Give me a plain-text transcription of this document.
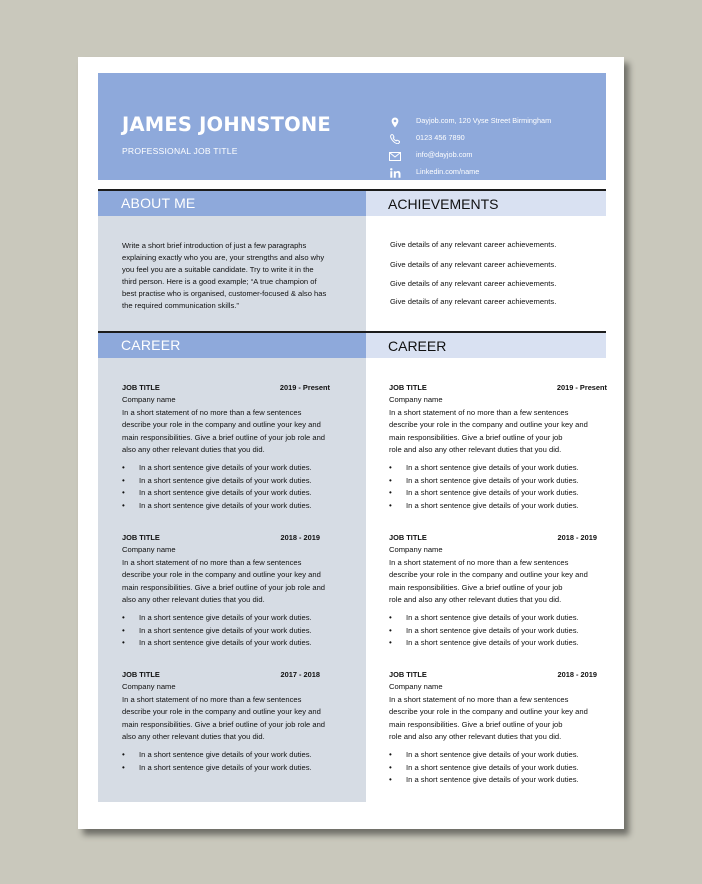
JAMES JOHNSTONE
PROFESSIONAL JOB TITLE
Dayjob.com, 120 Vyse Street Birmingham
0123 456 7890
info@dayjob.com
Linkedin.com/name
ABOUT ME	ACHIEVEMENTS
Write a short brief introduction of just a few paragraphs
explaining exactly who you are, your strengths and also why
you feel you are a suitable candidate. Try to write it in the
third person. Here is a good example; “A true champion of
best practise who is organised, customer-focused & also has
the required communication skills.”
Give details of any relevant career achievements.
Give details of any relevant career achievements.
Give details of any relevant career achievements.
Give details of any relevant career achievements.
CAREER	CAREER
JOB TITLE	2019 - Present
Company name
In a short statement of no more than a few sentences
describe your role in the company and outline your key and
main responsibilities. Give a brief outline of your job role and
also any other relevant duties that you did.
• In a short sentence give details of your work duties.
• In a short sentence give details of your work duties.
• In a short sentence give details of your work duties.
• In a short sentence give details of your work duties.
JOB TITLE	2018 - 2019
Company name
In a short statement of no more than a few sentences
describe your role in the company and outline your key and
main responsibilities. Give a brief outline of your job role and
also any other relevant duties that you did.
• In a short sentence give details of your work duties.
• In a short sentence give details of your work duties.
• In a short sentence give details of your work duties.
JOB TITLE	2017 - 2018
Company name
In a short statement of no more than a few sentences
describe your role in the company and outline your key and
main responsibilities. Give a brief outline of your job role and
also any other relevant duties that you did.
• In a short sentence give details of your work duties.
• In a short sentence give details of your work duties.
JOB TITLE	2019 - Present
Company name
In a short statement of no more than a few sentences
describe your role in the company and outline your key and
main responsibilities. Give a brief outline of your job
role and also any other relevant duties that you did.
• In a short sentence give details of your work duties.
• In a short sentence give details of your work duties.
• In a short sentence give details of your work duties.
• In a short sentence give details of your work duties.
JOB TITLE	2018 - 2019
Company name
In a short statement of no more than a few sentences
describe your role in the company and outline your key and
main responsibilities. Give a brief outline of your job
role and also any other relevant duties that you did.
• In a short sentence give details of your work duties.
• In a short sentence give details of your work duties.
• In a short sentence give details of your work duties.
JOB TITLE	2018 - 2019
Company name
In a short statement of no more than a few sentences
describe your role in the company and outline your key and
main responsibilities. Give a brief outline of your job
role and also any other relevant duties that you did.
• In a short sentence give details of your work duties.
• In a short sentence give details of your work duties.
• In a short sentence give details of your work duties.
